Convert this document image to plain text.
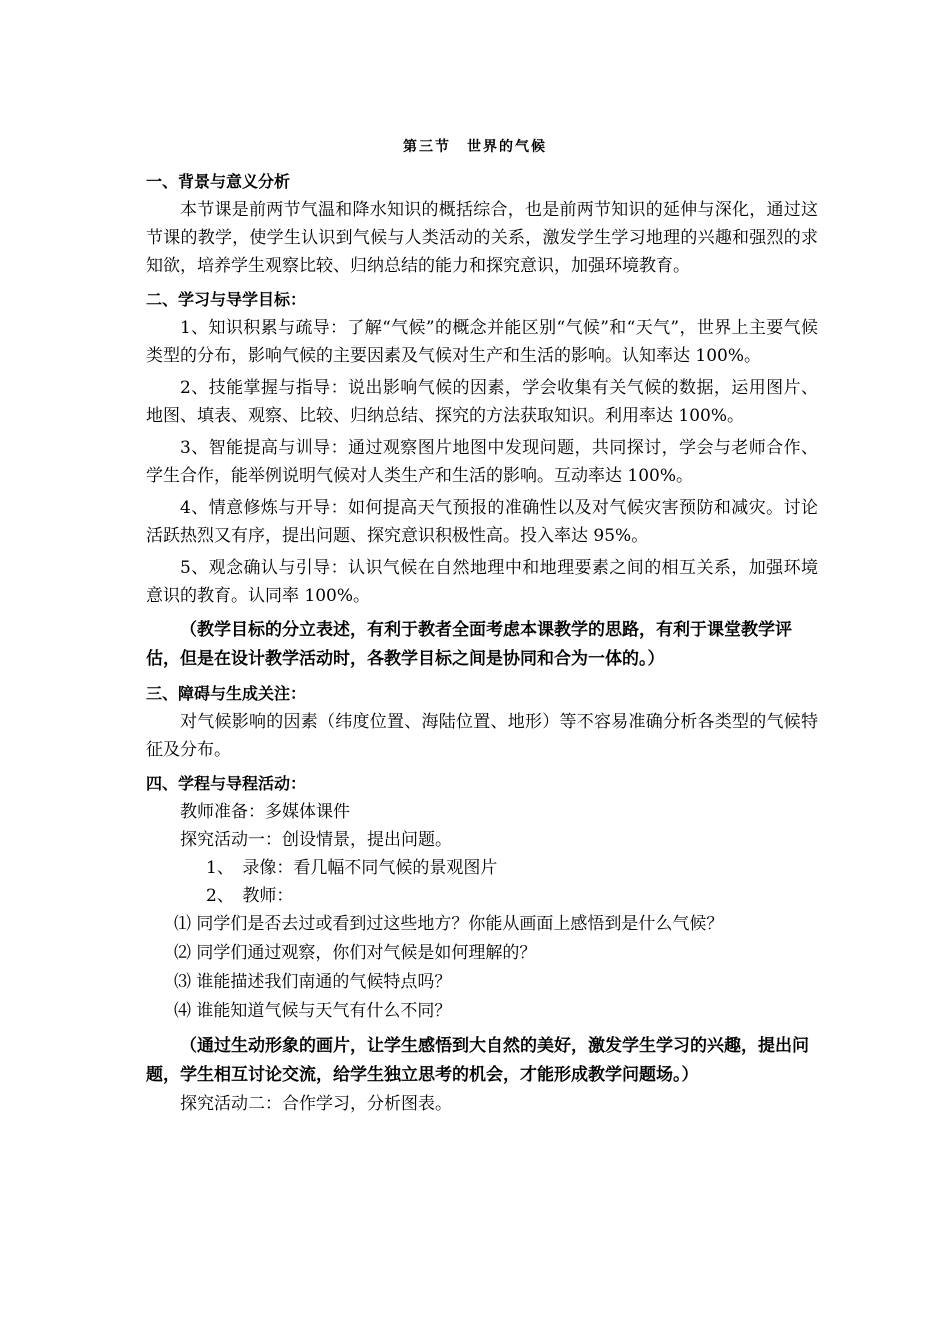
第三节　世界的气候

一、背景与意义分析

本节课是前两节气温和降水知识的概括综合，也是前两节知识的延伸与深化，通过这节课的教学，使学生认识到气候与人类活动的关系，激发学生学习地理的兴趣和强烈的求知欲，培养学生观察比较、归纳总结的能力和探究意识，加强环境教育。

二、学习与导学目标：

1、知识积累与疏导：了解“气候”的概念并能区别“气候”和“天气”，世界上主要气候类型的分布，影响气候的主要因素及气候对生产和生活的影响。认知率达 100%。

2、技能掌握与指导：说出影响气候的因素，学会收集有关气候的数据，运用图片、地图、填表、观察、比较、归纳总结、探究的方法获取知识。利用率达 100%。

3、智能提高与训导：通过观察图片地图中发现问题，共同探讨，学会与老师合作、学生合作，能举例说明气候对人类生产和生活的影响。互动率达 100%。

4、情意修炼与开导：如何提高天气预报的准确性以及对气候灾害预防和减灾。讨论活跃热烈又有序，提出问题、探究意识积极性高。投入率达 95%。

5、观念确认与引导：认识气候在自然地理中和地理要素之间的相互关系，加强环境意识的教育。认同率 100%。

（教学目标的分立表述，有利于教者全面考虑本课教学的思路，有利于课堂教学评估，但是在设计教学活动时，各教学目标之间是协同和合为一体的。）

三、障碍与生成关注：

对气候影响的因素（纬度位置、海陆位置、地形）等不容易准确分析各类型的气候特征及分布。

四、学程与导程活动：

教师准备：多媒体课件

探究活动一：创设情景，提出问题。

1、　录像：看几幅不同气候的景观图片

2、　教师：

⑴ 同学们是否去过或看到过这些地方？你能从画面上感悟到是什么气候？

⑵ 同学们通过观察，你们对气候是如何理解的？

⑶ 谁能描述我们南通的气候特点吗？

⑷ 谁能知道气候与天气有什么不同？

（通过生动形象的画片，让学生感悟到大自然的美好，激发学生学习的兴趣，提出问题，学生相互讨论交流，给学生独立思考的机会，才能形成教学问题场。）

探究活动二：合作学习，分析图表。
